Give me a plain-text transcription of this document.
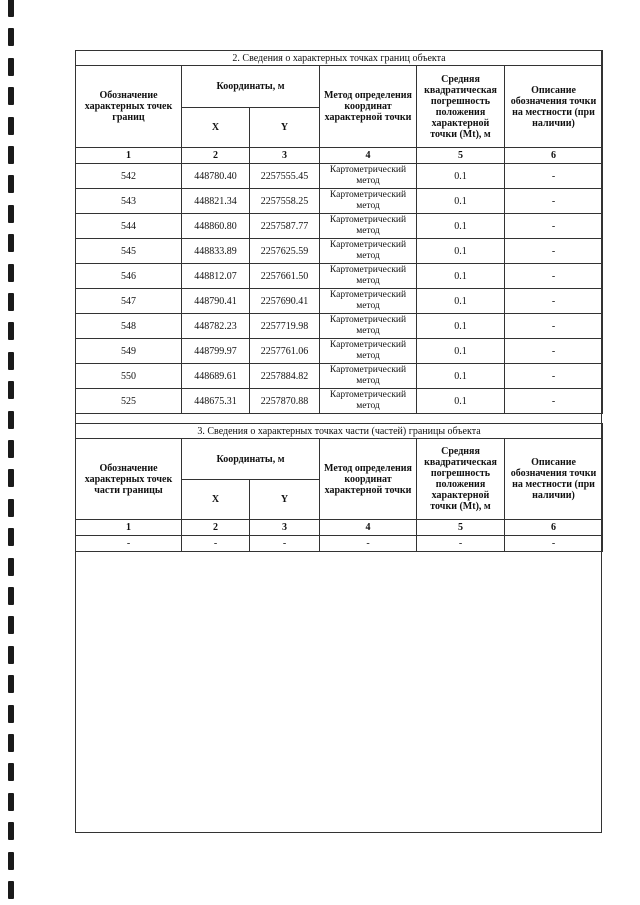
2. Сведения о характерных точках границ объекта					
Обозначение характерных точек границ	Координаты, м		Метод определения координат характерной точки	Средняя квадратическая погрешность положения характерной точки (Mt), м	Описание обозначения точки на местности (при наличии)
	X	Y			
1	2	3	4	5	6
542	448780.40	2257555.45	Картометрический метод	0.1	-
543	448821.34	2257558.25	Картометрический метод	0.1	-
544	448860.80	2257587.77	Картометрический метод	0.1	-
545	448833.89	2257625.59	Картометрический метод	0.1	-
546	448812.07	2257661.50	Картометрический метод	0.1	-
547	448790.41	2257690.41	Картометрический метод	0.1	-
548	448782.23	2257719.98	Картометрический метод	0.1	-
549	448799.97	2257761.06	Картометрический метод	0.1	-
550	448689.61	2257884.82	Картометрический метод	0.1	-
525	448675.31	2257870.88	Картометрический метод	0.1	-
3. Сведения о характерных точках части (частей) границы объекта					
Обозначение характерных точек части границы	Координаты, м		Метод определения координат характерной точки	Средняя квадратическая погрешность положения характерной точки (Mt), м	Описание обозначения точки на местности (при наличии)
	X	Y			
1	2	3	4	5	6
-	-	-	-	-	-
